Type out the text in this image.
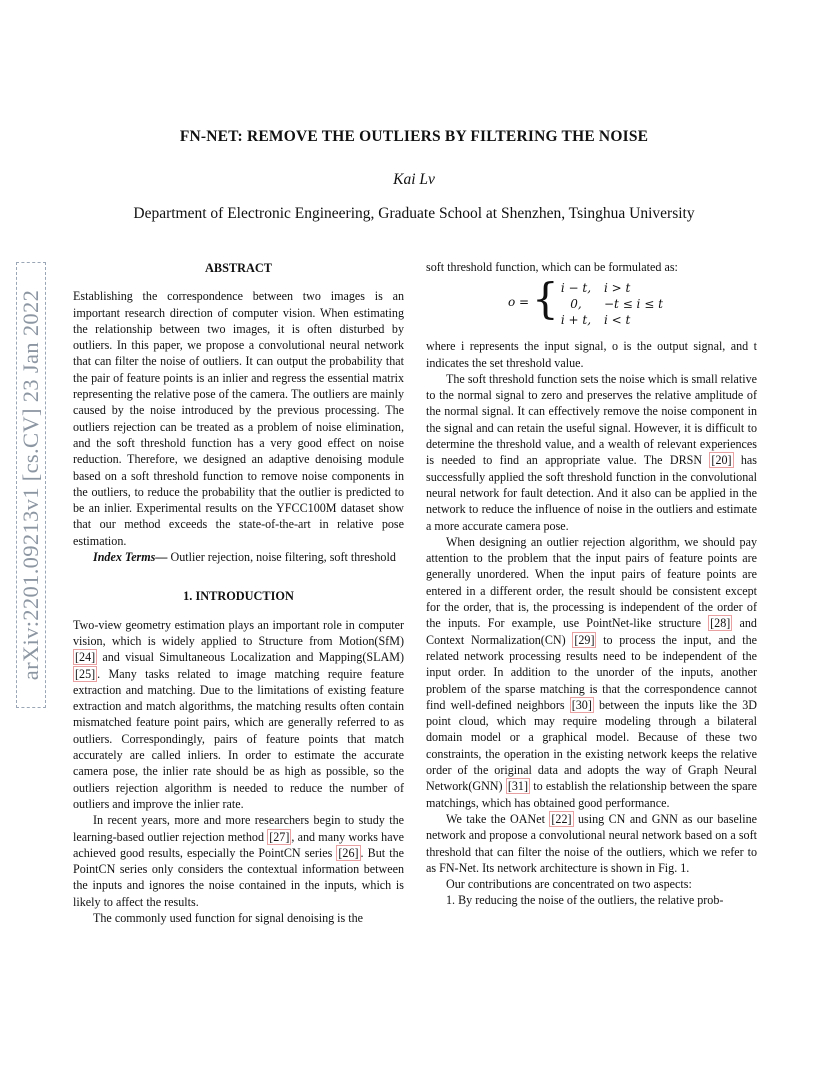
FN-NET: REMOVE THE OUTLIERS BY FILTERING THE NOISE
Kai Lv
Department of Electronic Engineering, Graduate School at Shenzhen, Tsinghua University
arXiv:2201.09213v1 [cs.CV] 23 Jan 2022
ABSTRACT

Establishing the correspondence between two images is an important research direction of computer vision. When estimating the relationship between two images, it is often disturbed by outliers. In this paper, we propose a convolutional neural network that can filter the noise of outliers. It can output the probability that the pair of feature points is an inlier and regress the essential matrix representing the relative pose of the camera. The outliers are mainly caused by the noise introduced by the previous processing. The outliers rejection can be treated as a problem of noise elimination, and the soft threshold function has a very good effect on noise reduction. Therefore, we designed an adaptive denoising module based on a soft threshold function to remove noise components in the outliers, to reduce the probability that the outlier is predicted to be an inlier. Experimental results on the YFCC100M dataset show that our method exceeds the state-of-the-art in relative pose estimation.

Index Terms— Outlier rejection, noise filtering, soft threshold

1. INTRODUCTION

Two-view geometry estimation plays an important role in computer vision, which is widely applied to Structure from Motion(SfM) [24] and visual Simultaneous Localization and Mapping(SLAM) [25] . Many tasks related to image matching require feature extraction and matching. Due to the limitations of existing feature extraction and match algorithms, the matching results often contain mismatched feature point pairs, which are generally referred to as outliers. Correspondingly, pairs of feature points that match accurately are called inliers. In order to estimate the accurate camera pose, the inlier rate should be as high as possible, so the outliers rejection algorithm is needed to reduce the number of outliers and improve the inlier rate.

In recent years, more and more researchers begin to study the learning-based outlier rejection method [27] , and many works have achieved good results, especially the PointCN series [26] . But the PointCN series only considers the contextual information between the inputs and ignores the noise contained in the inputs, which is likely to affect the results.

The commonly used function for signal denoising is the

soft threshold function, which can be formulated as:

o = { i − t, i > t
0, −t ≤ i ≤ t
i + t, i < t

where i represents the input signal, o is the output signal, and t indicates the set threshold value.

The soft threshold function sets the noise which is small relative to the normal signal to zero and preserves the relative amplitude of the normal signal. It can effectively remove the noise component in the signal and can retain the useful signal. However, it is difficult to determine the threshold value, and a wealth of relevant experiences is needed to find an appropriate value. The DRSN [20] has successfully applied the soft threshold function in the convolutional neural network for fault detection. And it also can be applied in the network to reduce the influence of noise in the outliers and estimate a more accurate camera pose.

When designing an outlier rejection algorithm, we should pay attention to the problem that the input pairs of feature points are generally unordered. When the input pairs of feature points are entered in a different order, the result should be consistent except for the order, that is, the processing is independent of the order of the inputs. For example, use PointNet-like structure [28] and Context Normalization(CN) [29] to process the input, and the related network processing results need to be independent of the input order. In addition to the unorder of the inputs, another problem of the sparse matching is that the correspondence cannot find well-defined neighbors [30] between the inputs like the 3D point cloud, which may require modeling through a bilateral domain model or a graphical model. Because of these two constraints, the operation in the existing network keeps the relative order of the original data and adopts the way of Graph Neural Network(GNN) [31] to establish the relationship between the spare matchings, which has obtained good performance.

We take the OANet [22] using CN and GNN as our baseline network and propose a convolutional neural network based on a soft threshold that can filter the noise of the outliers, which we refer to as FN-Net. Its network architecture is shown in Fig. 1.

Our contributions are concentrated on two aspects:

1. By reducing the noise of the outliers, the relative prob-
